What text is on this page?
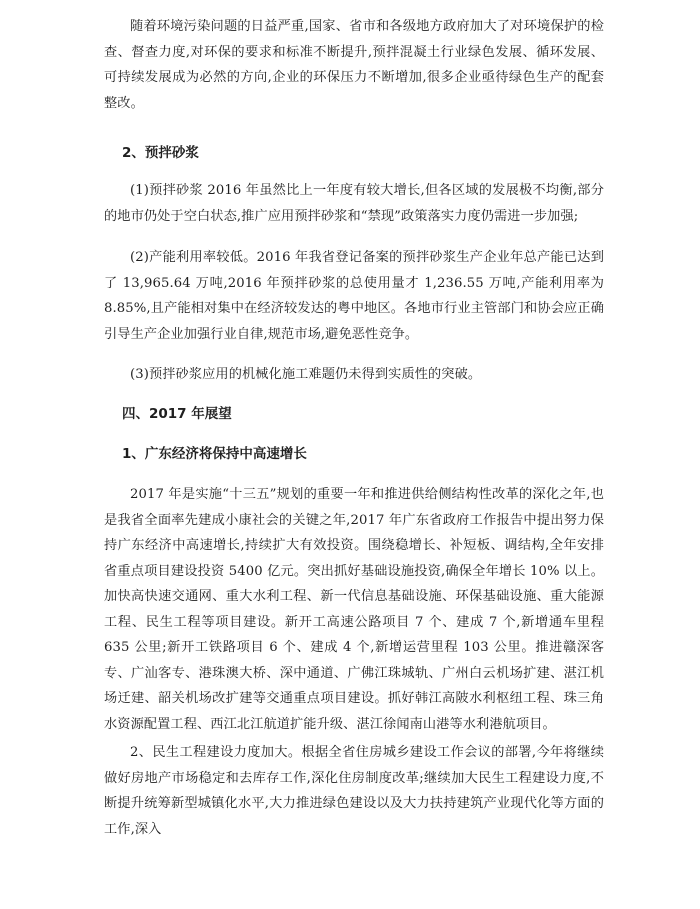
随着环境污染问题的日益严重,国家、省市和各级地方政府加大了对环境保护的检查、督查力度,对环保的要求和标准不断提升,预拌混凝土行业绿色发展、循环发展、可持续发展成为必然的方向,企业的环保压力不断增加,很多企业亟待绿色生产的配套整改。

2、预拌砂浆

(1)预拌砂浆 2016 年虽然比上一年度有较大增长,但各区域的发展极不均衡,部分的地市仍处于空白状态,推广应用预拌砂浆和“禁现”政策落实力度仍需进一步加强;

(2)产能利用率较低。2016 年我省登记备案的预拌砂浆生产企业年总产能已达到了 13,965.64 万吨,2016 年预拌砂浆的总使用量才 1,236.55 万吨,产能利用率为 8.85%,且产能相对集中在经济较发达的粤中地区。各地市行业主管部门和协会应正确引导生产企业加强行业自律,规范市场,避免恶性竞争。

(3)预拌砂浆应用的机械化施工难题仍未得到实质性的突破。

四、2017 年展望
1、广东经济将保持中高速增长

2017 年是实施“十三五”规划的重要一年和推进供给侧结构性改革的深化之年,也是我省全面率先建成小康社会的关键之年,2017 年广东省政府工作报告中提出努力保持广东经济中高速增长,持续扩大有效投资。围绕稳增长、补短板、调结构,全年安排省重点项目建设投资 5400 亿元。突出抓好基础设施投资,确保全年增长 10% 以上。加快高快速交通网、重大水利工程、新一代信息基础设施、环保基础设施、重大能源工程、民生工程等项目建设。新开工高速公路项目 7 个、建成 7 个,新增通车里程 635 公里;新开工铁路项目 6 个、建成 4 个,新增运营里程 103 公里。推进赣深客专、广汕客专、港珠澳大桥、深中通道、广佛江珠城轨、广州白云机场扩建、湛江机场迁建、韶关机场改扩建等交通重点项目建设。抓好韩江高陂水利枢纽工程、珠三角水资源配置工程、西江北江航道扩能升级、湛江徐闻南山港等水利港航项目。

2、民生工程建设力度加大。根据全省住房城乡建设工作会议的部署,今年将继续做好房地产市场稳定和去库存工作,深化住房制度改革;继续加大民生工程建设力度,不断提升统筹新型城镇化水平,大力推进绿色建设以及大力扶持建筑产业现代化等方面的工作,深入
